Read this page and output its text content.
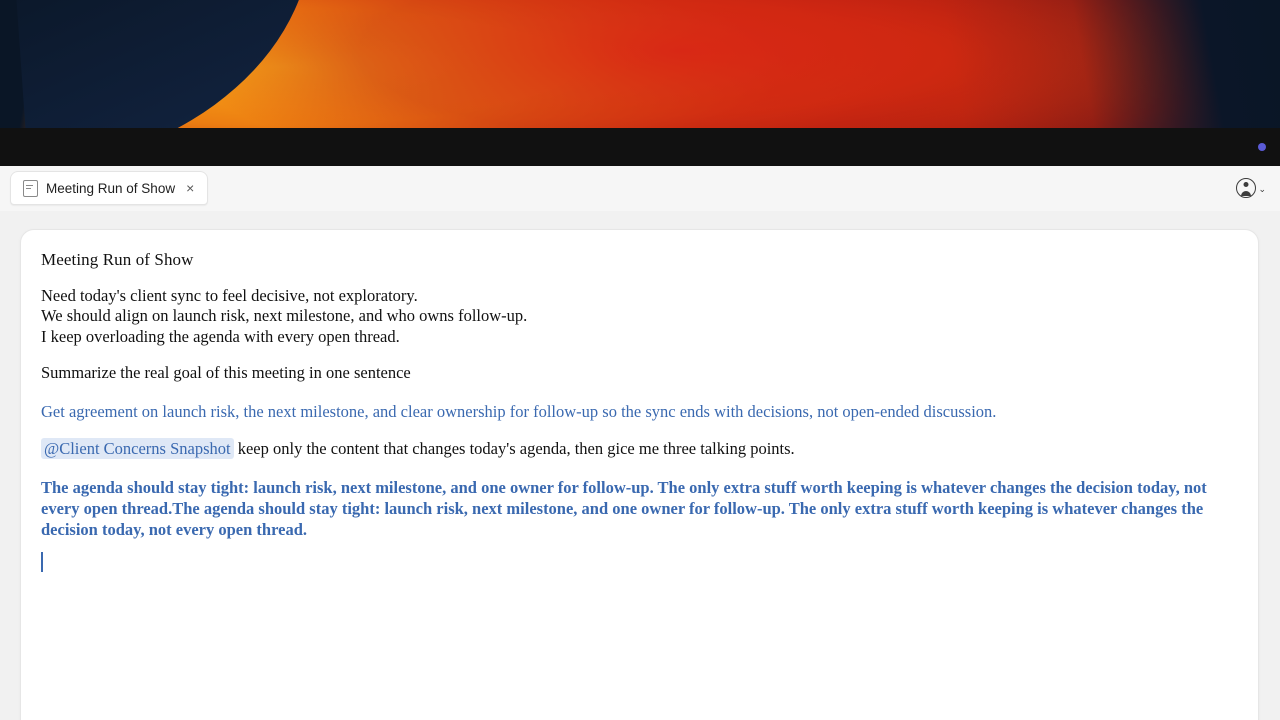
Meeting Run of Show ×	⌄
Meeting Run of Show
Need today's client sync to feel decisive, not exploratory.
We should align on launch risk, next milestone, and who owns follow-up.
I keep overloading the agenda with every open thread.
Summarize the real goal of this meeting in one sentence
Get agreement on launch risk, the next milestone, and clear ownership for follow-up so the sync ends with decisions, not open-ended discussion.
@Client Concerns Snapshot keep only the content that changes today's agenda, then gice me three talking points.
The agenda should stay tight: launch risk, next milestone, and one owner for follow-up. The only extra stuff worth keeping is whatever changes the decision today, not every open thread.The agenda should stay tight: launch risk, next milestone, and one owner for follow-up. The only extra stuff worth keeping is whatever changes the decision today, not every open thread.
